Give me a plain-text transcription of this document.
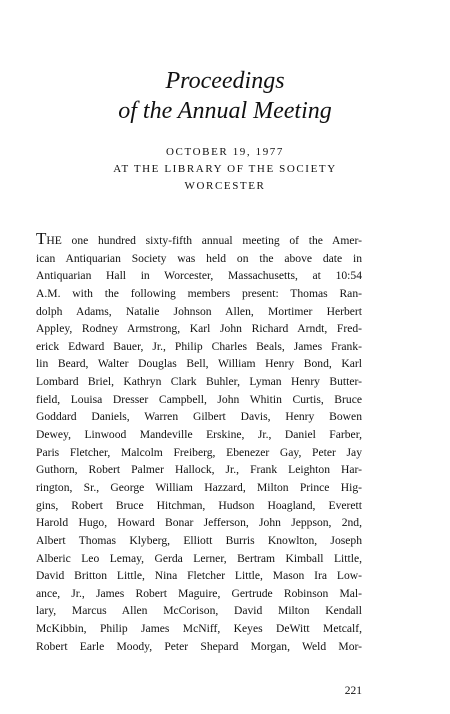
Proceedings
of the Annual Meeting
OCTOBER 19, 1977
AT THE LIBRARY OF THE SOCIETY
WORCESTER
THE one hundred sixty-fifth annual meeting of the Amer-
ican Antiquarian Society was held on the above date in
Antiquarian Hall in Worcester, Massachusetts, at 10:54
A.M. with the following members present: Thomas Ran-
dolph Adams, Natalie Johnson Allen, Mortimer Herbert
Appley, Rodney Armstrong, Karl John Richard Arndt, Fred-
erick Edward Bauer, Jr., Philip Charles Beals, James Frank-
lin Beard, Walter Douglas Bell, William Henry Bond, Karl
Lombard Briel, Kathryn Clark Buhler, Lyman Henry Butter-
field, Louisa Dresser Campbell, John Whitin Curtis, Bruce
Goddard Daniels, Warren Gilbert Davis, Henry Bowen
Dewey, Linwood Mandeville Erskine, Jr., Daniel Farber,
Paris Fletcher, Malcolm Freiberg, Ebenezer Gay, Peter Jay
Guthorn, Robert Palmer Hallock, Jr., Frank Leighton Har-
rington, Sr., George William Hazzard, Milton Prince Hig-
gins, Robert Bruce Hitchman, Hudson Hoagland, Everett
Harold Hugo, Howard Bonar Jefferson, John Jeppson, 2nd,
Albert Thomas Klyberg, Elliott Burris Knowlton, Joseph
Alberic Leo Lemay, Gerda Lerner, Bertram Kimball Little,
David Britton Little, Nina Fletcher Little, Mason Ira Low-
ance, Jr., James Robert Maguire, Gertrude Robinson Mal-
lary, Marcus Allen McCorison, David Milton Kendall
McKibbin, Philip James McNiff, Keyes DeWitt Metcalf,
Robert Earle Moody, Peter Shepard Morgan, Weld Mor-
221
